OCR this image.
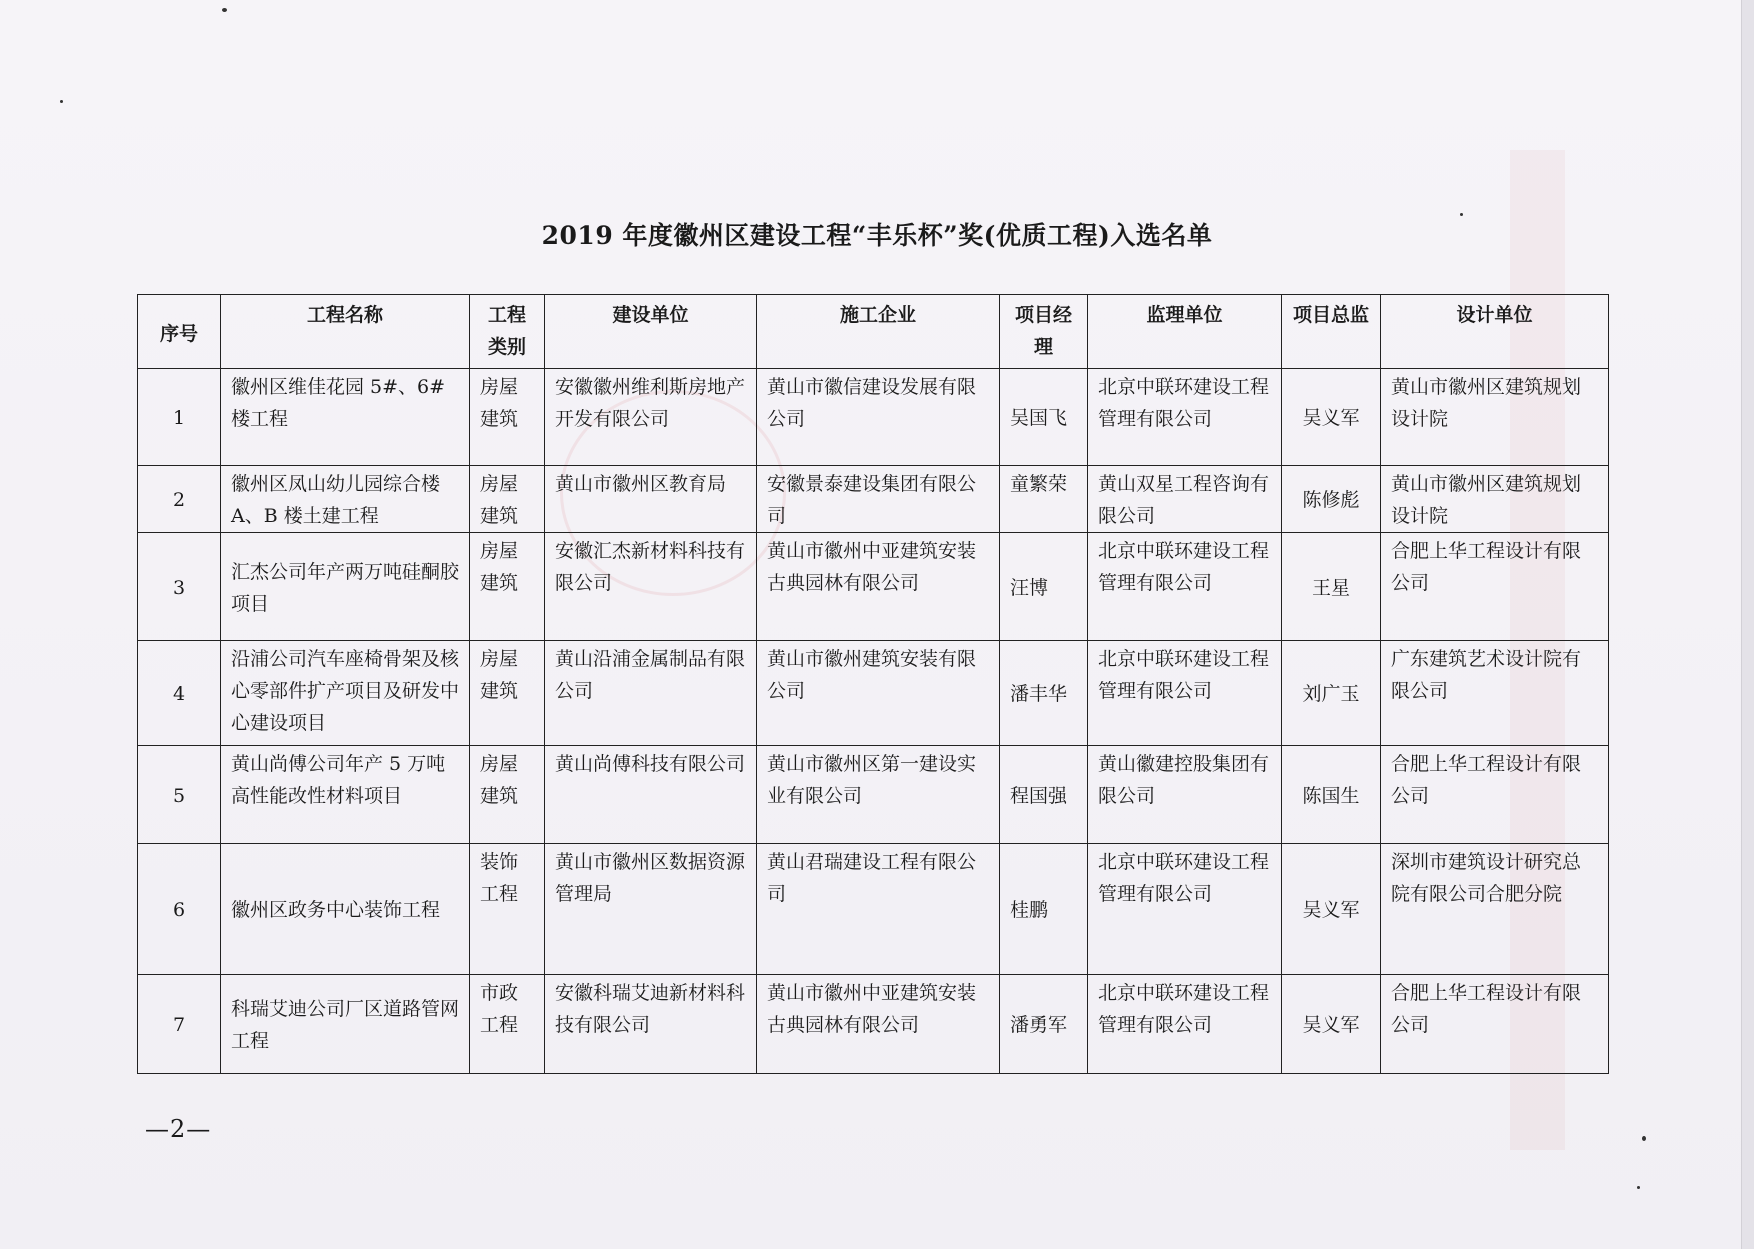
2019 年度徽州区建设工程“丰乐杯”奖(优质工程)入选名单
序号	工程名称	工程类别	建设单位	施工企业	项目经理	监理单位	项目总监	设计单位
1	徽州区维佳花园 5#、6#楼工程	房屋建筑	安徽徽州维利斯房地产开发有限公司	黄山市徽信建设发展有限公司	吴国飞	北京中联环建设工程管理有限公司	吴义军	黄山市徽州区建筑规划设计院
2	徽州区凤山幼儿园综合楼 A、B 楼土建工程	房屋建筑	黄山市徽州区教育局	安徽景泰建设集团有限公司	童繁荣	黄山双星工程咨询有限公司	陈修彪	黄山市徽州区建筑规划设计院
3	汇杰公司年产两万吨硅酮胶项目	房屋建筑	安徽汇杰新材料科技有限公司	黄山市徽州中亚建筑安装古典园林有限公司	汪博	北京中联环建设工程管理有限公司	王星	合肥上华工程设计有限公司
4	沿浦公司汽车座椅骨架及核心零部件扩产项目及研发中心建设项目	房屋建筑	黄山沿浦金属制品有限公司	黄山市徽州建筑安装有限公司	潘丰华	北京中联环建设工程管理有限公司	刘广玉	广东建筑艺术设计院有限公司
5	黄山尚傅公司年产 5 万吨高性能改性材料项目	房屋建筑	黄山尚傅科技有限公司	黄山市徽州区第一建设实业有限公司	程国强	黄山徽建控股集团有限公司	陈国生	合肥上华工程设计有限公司
6	徽州区政务中心装饰工程	装饰工程	黄山市徽州区数据资源管理局	黄山君瑞建设工程有限公司	桂鹏	北京中联环建设工程管理有限公司	吴义军	深圳市建筑设计研究总院有限公司合肥分院
7	科瑞艾迪公司厂区道路管网工程	市政工程	安徽科瑞艾迪新材料科技有限公司	黄山市徽州中亚建筑安装古典园林有限公司	潘勇军	北京中联环建设工程管理有限公司	吴义军	合肥上华工程设计有限公司
—2—
